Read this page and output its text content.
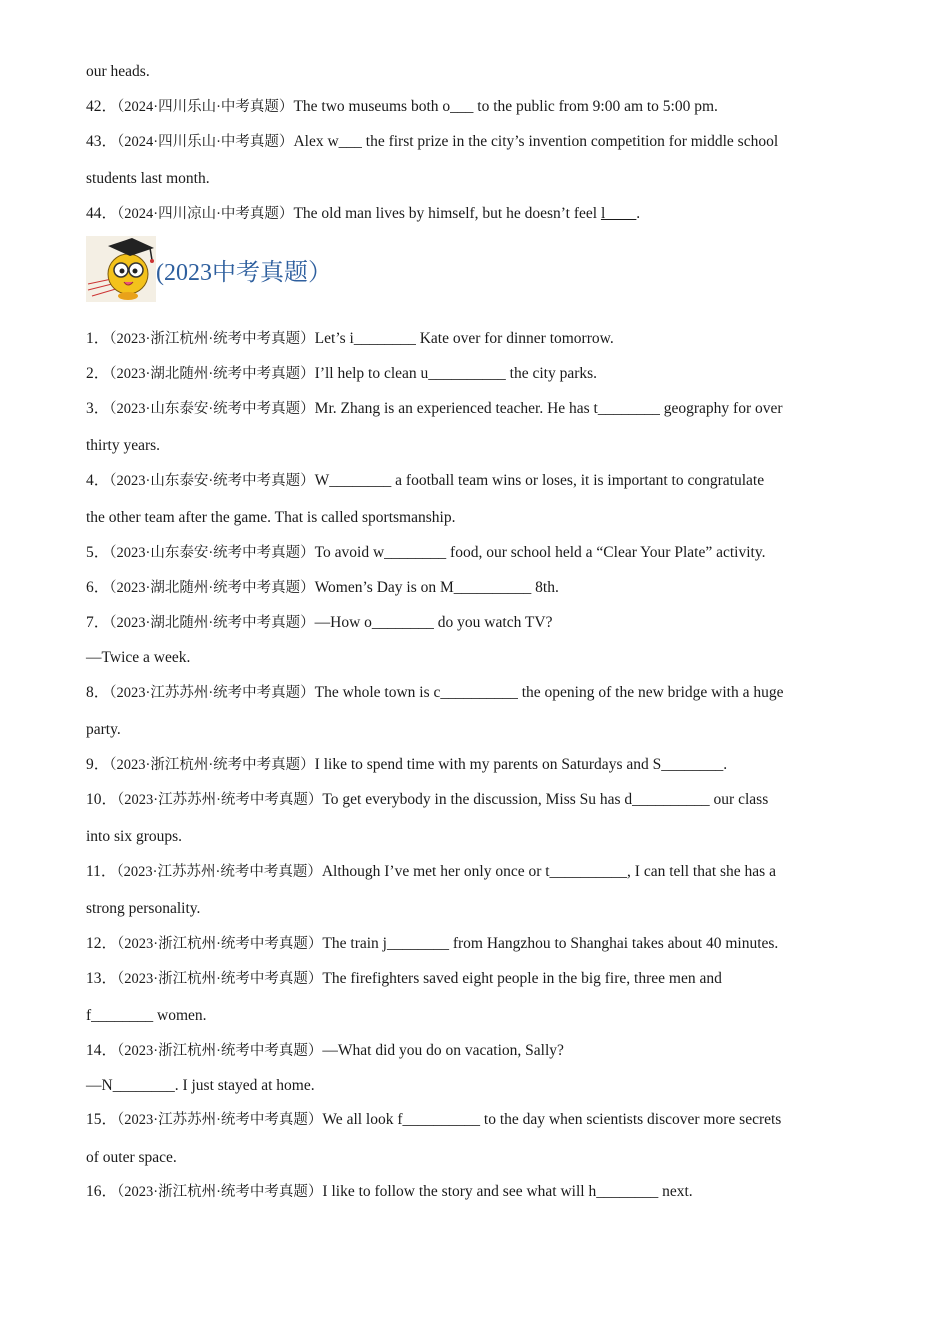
our heads.
42．（2024·四川乐山·中考真题）The two museums both o___ to the public from 9:00 am to 5:00 pm.
43．（2024·四川乐山·中考真题）Alex w___ the first prize in the city’s invention competition for middle school
students last month.
44．（2024·四川凉山·中考真题）The old man lives by himself, but he doesn’t feel l____.
(2023中考真题）
1．（2023·浙江杭州·统考中考真题）Let’s i________ Kate over for dinner tomorrow.
2．（2023·湖北随州·统考中考真题）I’ll help to clean u__________ the city parks.
3．（2023·山东泰安·统考中考真题）Mr. Zhang is an experienced teacher. He has t________ geography for over
thirty years.
4．（2023·山东泰安·统考中考真题）W________ a football team wins or loses, it is important to congratulate
the other team after the game. That is called sportsmanship.
5．（2023·山东泰安·统考中考真题）To avoid w________ food, our school held a “Clear Your Plate” activity.
6．（2023·湖北随州·统考中考真题）Women’s Day is on M__________ 8th.
7．（2023·湖北随州·统考中考真题）—How o________ do you watch TV?
—Twice a week.
8．（2023·江苏苏州·统考中考真题）The whole town is c__________ the opening of the new bridge with a huge
party.
9．（2023·浙江杭州·统考中考真题）I like to spend time with my parents on Saturdays and S________.
10．（2023·江苏苏州·统考中考真题）To get everybody in the discussion, Miss Su has d__________ our class
into six groups.
11．（2023·江苏苏州·统考中考真题）Although I’ve met her only once or t__________, I can tell that she has a
strong personality.
12．（2023·浙江杭州·统考中考真题）The train j________ from Hangzhou to Shanghai takes about 40 minutes.
13．（2023·浙江杭州·统考中考真题）The firefighters saved eight people in the big fire, three men and
f________ women.
14．（2023·浙江杭州·统考中考真题）—What did you do on vacation, Sally?
—N________. I just stayed at home.
15．（2023·江苏苏州·统考中考真题）We all look f__________ to the day when scientists discover more secrets
of outer space.
16．（2023·浙江杭州·统考中考真题）I like to follow the story and see what will h________ next.
